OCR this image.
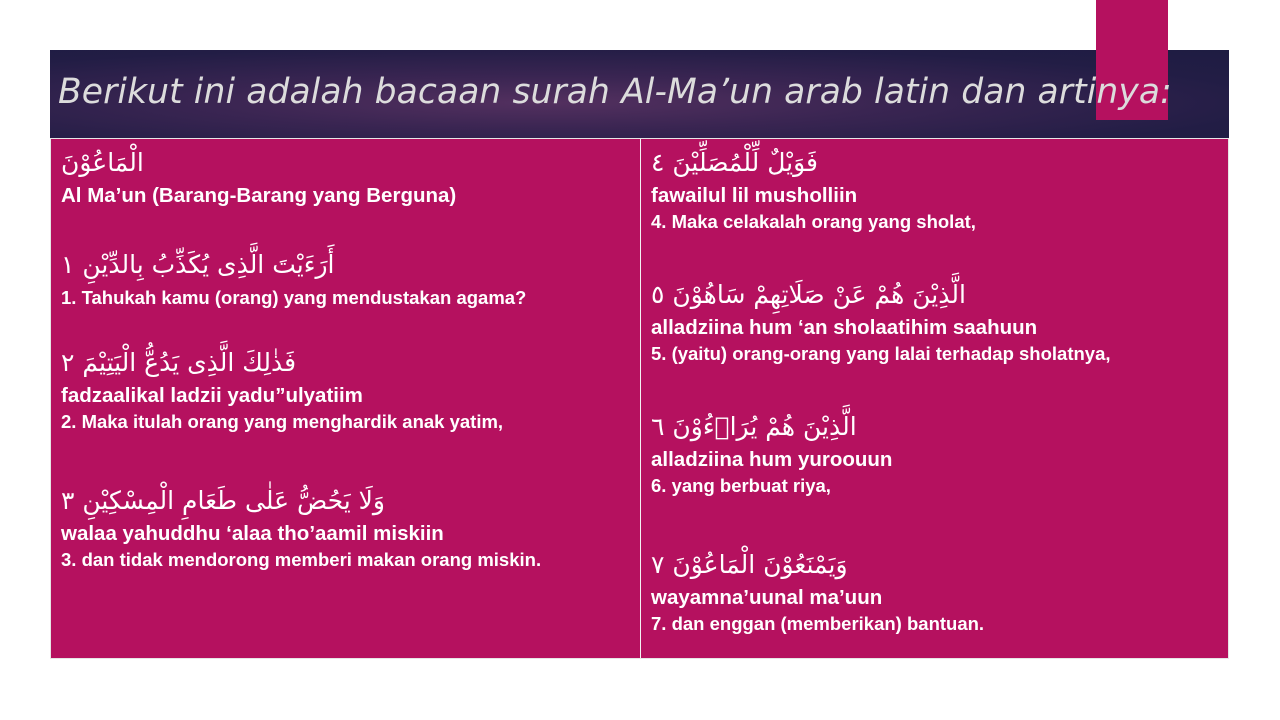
Berikut ini adalah bacaan surah Al-Ma’un arab latin dan artinya:
الْمَاعُوْنَ
Al Ma’un (Barang-Barang yang Berguna)
أَرَءَيْتَ الَّذِى يُكَذِّبُ بِالدِّيْنِ ١
1. Tahukah kamu (orang) yang mendustakan agama?
فَذٰلِكَ الَّذِى يَدُعُّ الْيَتِيْمَ ٢
fadzaalikal ladzii yadu”ulyatiim
2. Maka itulah orang yang menghardik anak yatim,
وَلَا يَحُضُّ عَلٰى طَعَامِ الْمِسْكِيْنِ ٣
walaa yahuddhu ‘alaa tho’aamil miskiin
3. dan tidak mendorong memberi makan orang miskin.
فَوَيْلٌ لِّلْمُصَلِّيْنَ ٤
fawailul lil musholliin
4. Maka celakalah orang yang sholat,
الَّذِيْنَ هُمْ عَنْ صَلَاتِهِمْ سَاهُوْنَ ٥
alladziina hum ‘an sholaatihim saahuun
5. (yaitu) orang-orang yang lalai terhadap sholatnya,
الَّذِيْنَ هُمْ يُرَاۤءُوْنَ ٦
alladziina hum yuroouun
6. yang berbuat riya,
وَيَمْنَعُوْنَ الْمَاعُوْنَ ٧
wayamna’uunal ma’uun
7. dan enggan (memberikan) bantuan.
